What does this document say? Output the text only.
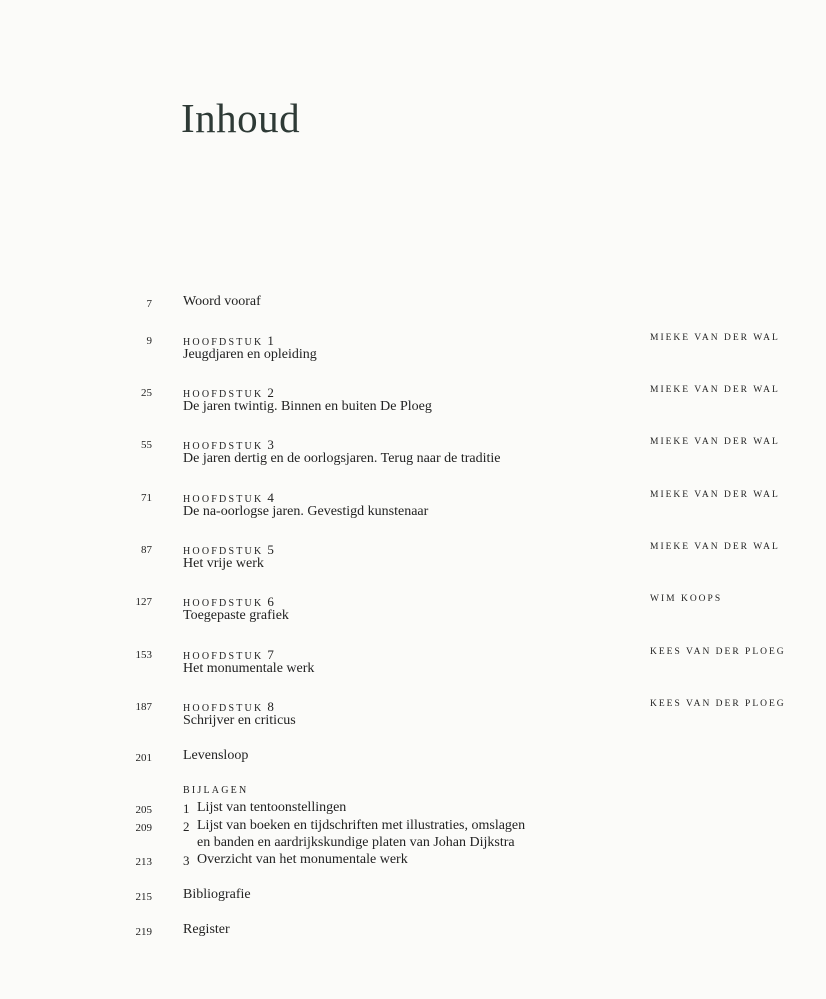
Inhoud
7 Woord vooraf
9	HOOFDSTUK 1	MIEKE VAN DER WAL
Jeugdjaren en opleiding
25	HOOFDSTUK 2	MIEKE VAN DER WAL
De jaren twintig. Binnen en buiten De Ploeg
55	HOOFDSTUK 3	MIEKE VAN DER WAL
De jaren dertig en de oorlogsjaren. Terug naar de traditie
71	HOOFDSTUK 4	MIEKE VAN DER WAL
De na-oorlogse jaren. Gevestigd kunstenaar
87	HOOFDSTUK 5	MIEKE VAN DER WAL
Het vrije werk
127	HOOFDSTUK 6	WIM KOOPS
Toegepaste grafiek
153	HOOFDSTUK 7	KEES VAN DER PLOEG
Het monumentale werk
187	HOOFDSTUK 8	KEES VAN DER PLOEG
Schrijver en criticus
201 Levensloop
BIJLAGEN
205 1 Lijst van tentoonstellingen
209 2 Lijst van boeken en tijdschriften met illustraties, omslagen
en banden en aardrijkskundige platen van Johan Dijkstra
213 3 Overzicht van het monumentale werk
215 Bibliografie
219 Register
